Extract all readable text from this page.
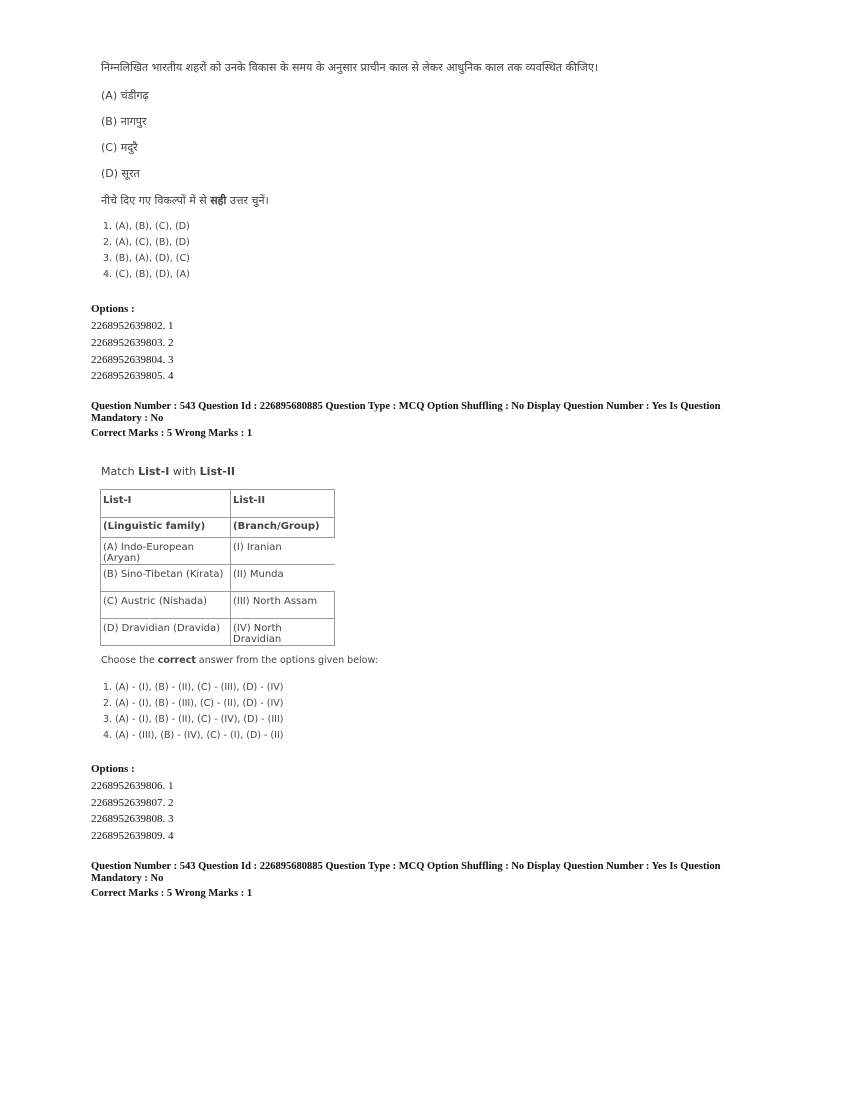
निम्नलिखित भारतीय शहरों को उनके विकास के समय के अनुसार प्राचीन काल से लेकर आधुनिक काल तक व्यवस्थित कीजिए।
(A) चंडीगढ़
(B) नागपुर
(C) मदुरै
(D) सूरत
नीचे दिए गए विकल्पों में से सही उत्तर चुनें।
1. (A), (B), (C), (D)
2. (A), (C), (B), (D)
3. (B), (A), (D), (C)
4. (C), (B), (D), (A)
Options :
2268952639802. 1
2268952639803. 2
2268952639804. 3
2268952639805. 4
Question Number : 543 Question Id : 226895680885 Question Type : MCQ Option Shuffling : No Display Question Number : Yes Is Question
Mandatory : No
Correct Marks : 5 Wrong Marks : 1
Match List-I with List-II
List-I	List-II
(Linguistic family)	(Branch/Group)
(A) Indo-European (Aryan)	(I) Iranian
(B) Sino-Tibetan (Kirata)	(II) Munda
(C) Austric (Nishada)	(III) North Assam
(D) Dravidian (Dravida)	(IV) North Dravidian
Choose the correct answer from the options given below:
1. (A) - (I), (B) - (II), (C) - (III), (D) - (IV)
2. (A) - (I), (B) - (III), (C) - (II), (D) - (IV)
3. (A) - (I), (B) - (II), (C) - (IV), (D) - (III)
4. (A) - (III), (B) - (IV), (C) - (I), (D) - (II)
Options :
2268952639806. 1
2268952639807. 2
2268952639808. 3
2268952639809. 4
Question Number : 543 Question Id : 226895680885 Question Type : MCQ Option Shuffling : No Display Question Number : Yes Is Question
Mandatory : No
Correct Marks : 5 Wrong Marks : 1
